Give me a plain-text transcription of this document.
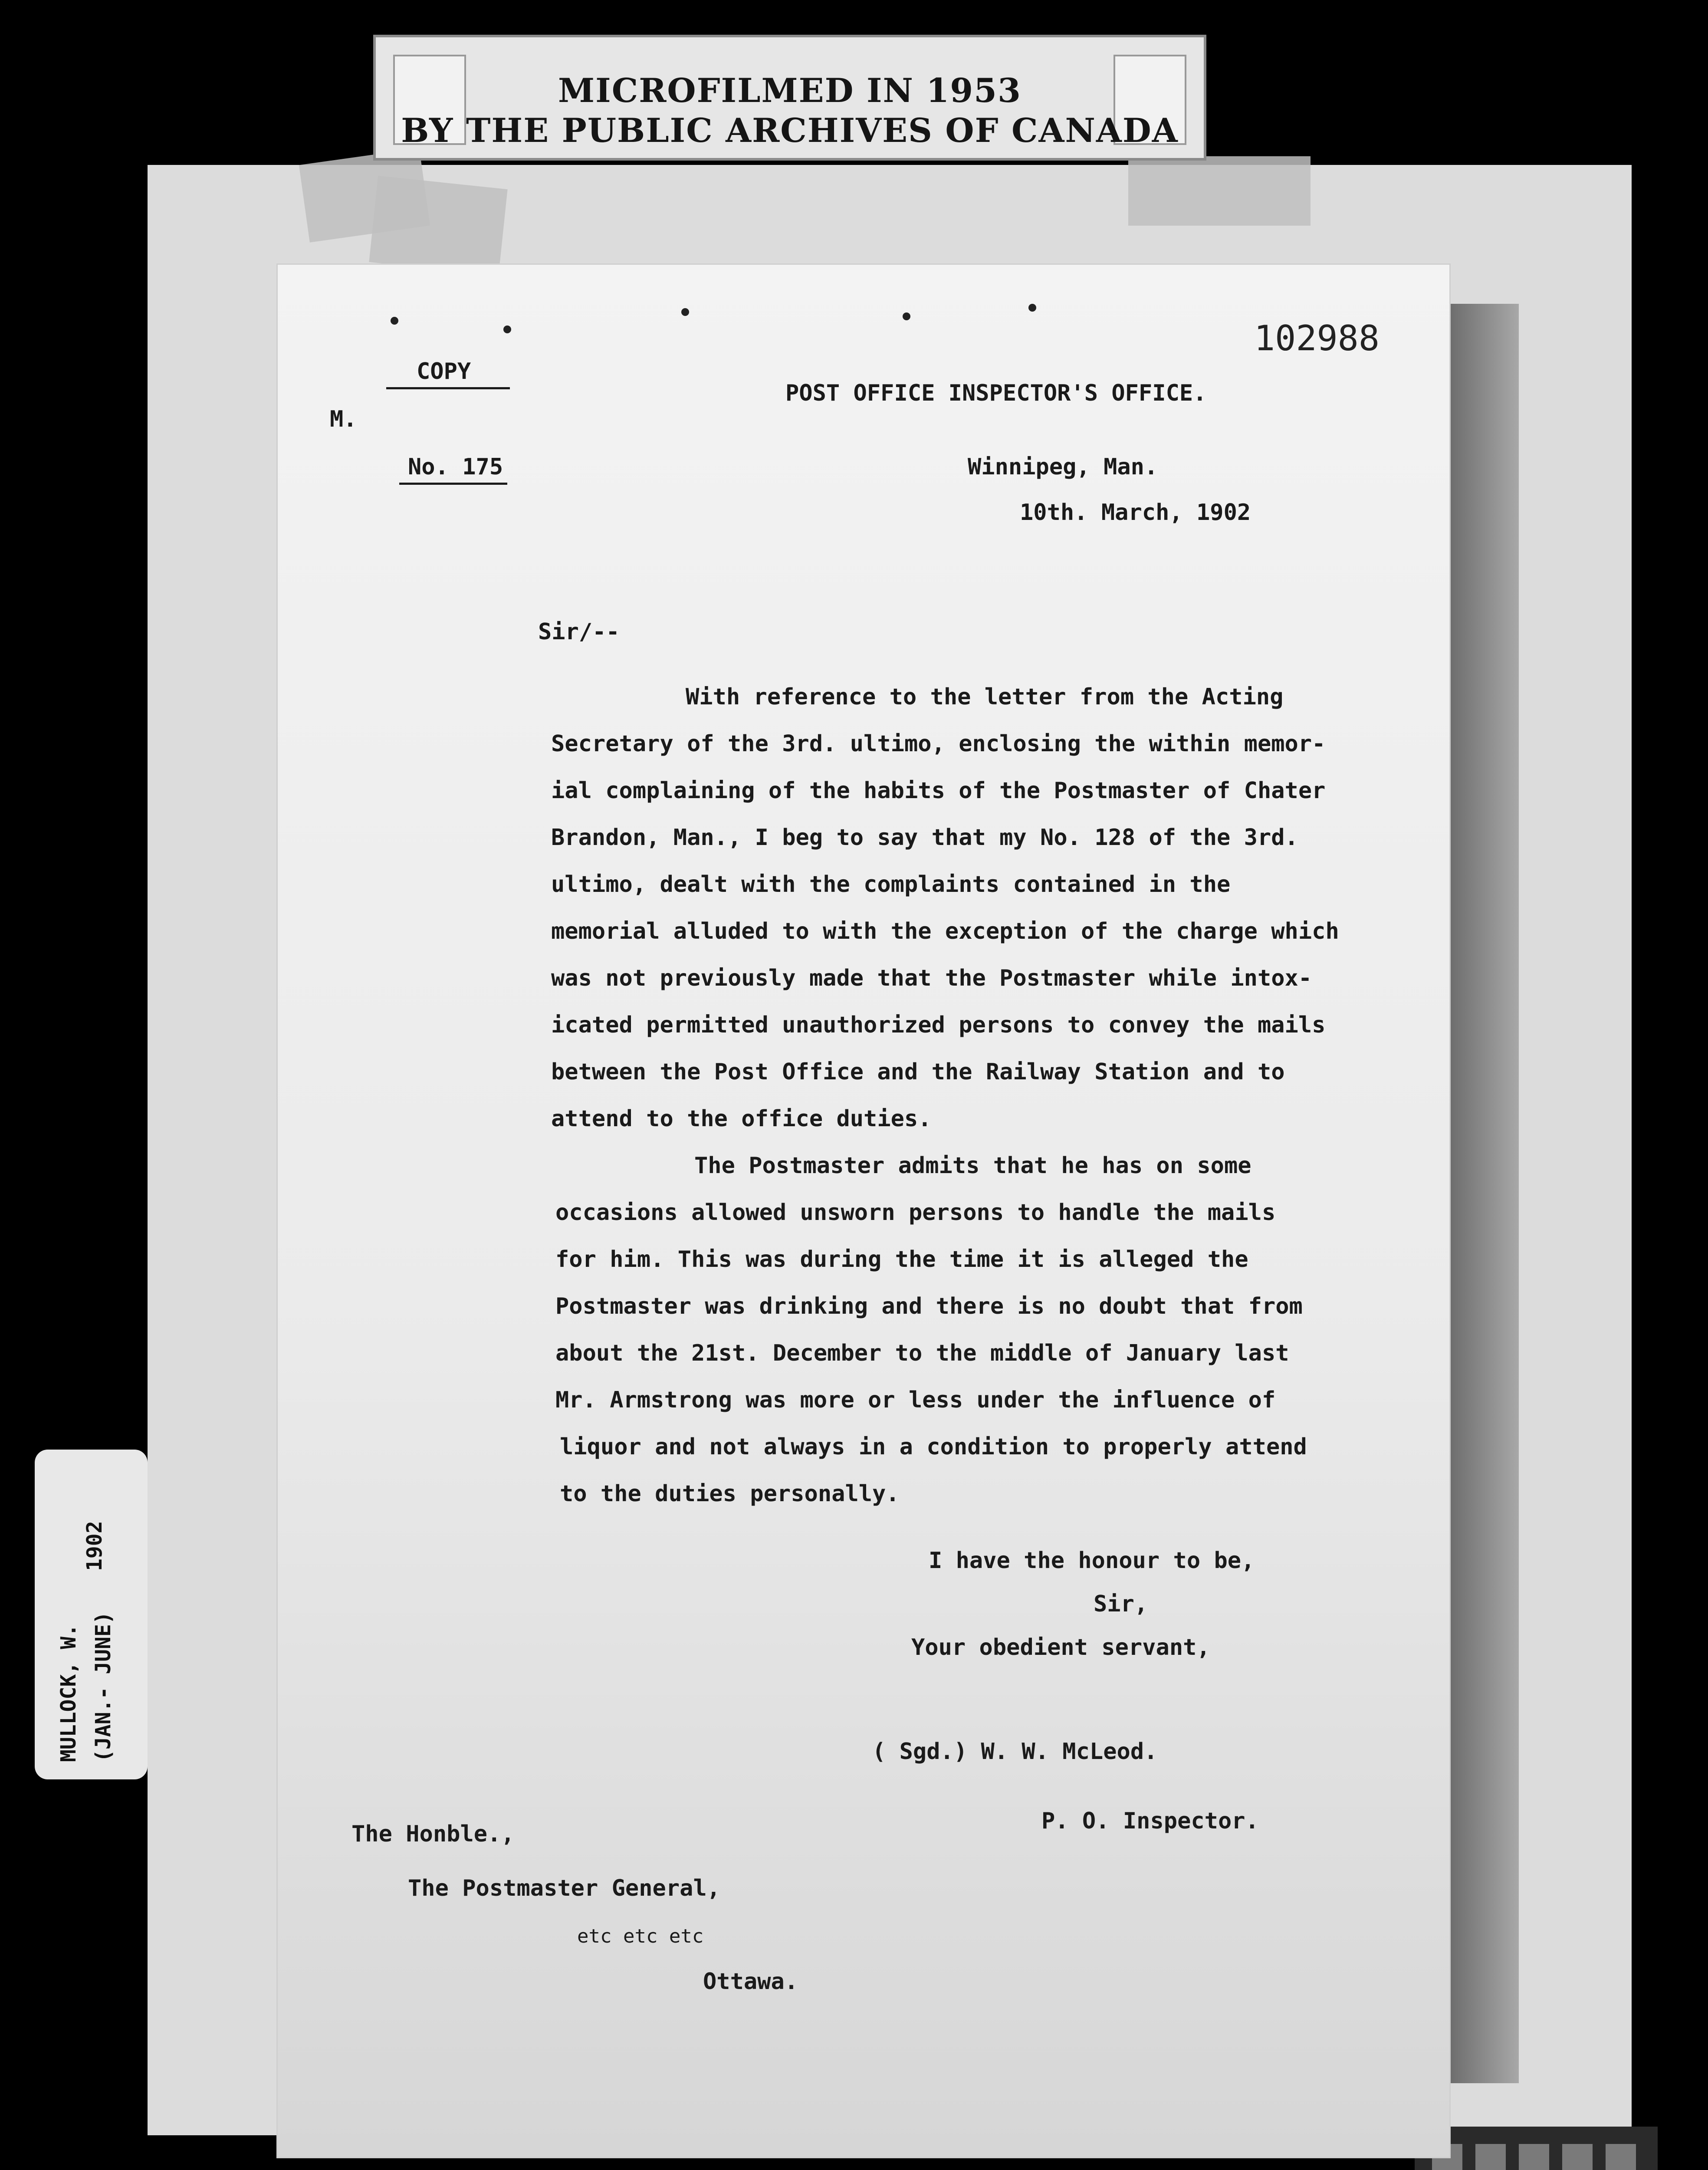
MICROFILMED IN 1953
BY THE PUBLIC ARCHIVES OF CANADA
MULLOCK, W. (JAN.- JUNE)
1902
102988
COPY
M.
POST OFFICE INSPECTOR'S OFFICE.
No. 175	Winnipeg, Man.
10th. March, 1902
Sir/--
With reference to the letter from the Acting
Secretary of the 3rd. ultimo, enclosing the within memor-
ial complaining of the habits of the Postmaster of Chater
Brandon, Man., I beg to say that my No. 128 of the 3rd.
ultimo, dealt with the complaints contained in the
memorial alluded to with the exception of the charge which
was not previously made that the Postmaster while intox-
icated permitted unauthorized persons to convey the mails
between the Post Office and the Railway Station and to
attend to the office duties.
The Postmaster admits that he has on some
occasions allowed unsworn persons to handle the mails
for him. This was during the time it is alleged the
Postmaster was drinking and there is no doubt that from
about the 21st. December to the middle of January last
Mr. Armstrong was more or less under the influence of
liquor and not always in a condition to properly attend
to the duties personally.
I have the honour to be,
Sir,
Your obedient servant,
( Sgd.) W. W. McLeod.
P. O. Inspector.
The Honble.,
The Postmaster General,
etc etc etc
Ottawa.
